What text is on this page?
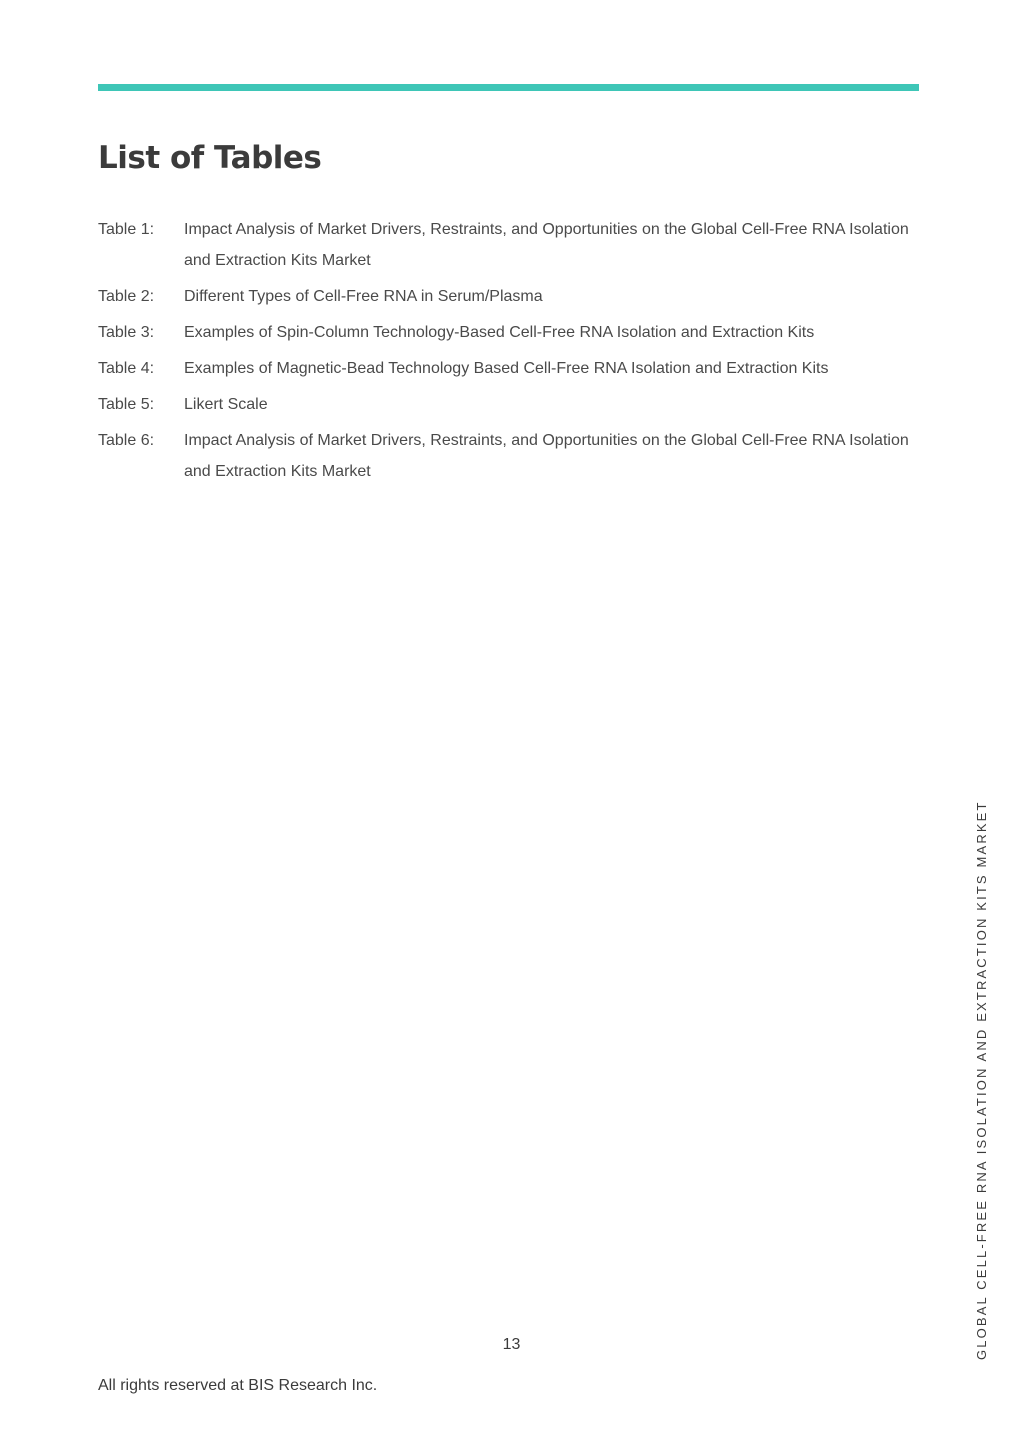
List of Tables
Table 1:	Impact Analysis of Market Drivers, Restraints, and Opportunities on the Global Cell-Free RNA Isolation and Extraction Kits Market
Table 2:	Different Types of Cell-Free RNA in Serum/Plasma
Table 3:	Examples of Spin-Column Technology-Based Cell-Free RNA Isolation and Extraction Kits
Table 4:	Examples of Magnetic-Bead Technology Based Cell-Free RNA Isolation and Extraction Kits
Table 5:	Likert Scale
Table 6:	Impact Analysis of Market Drivers, Restraints, and Opportunities on the Global Cell-Free RNA Isolation and Extraction Kits Market
GLOBAL CELL-FREE RNA ISOLATION AND EXTRACTION KITS MARKET
13
All rights reserved at BIS Research Inc.
